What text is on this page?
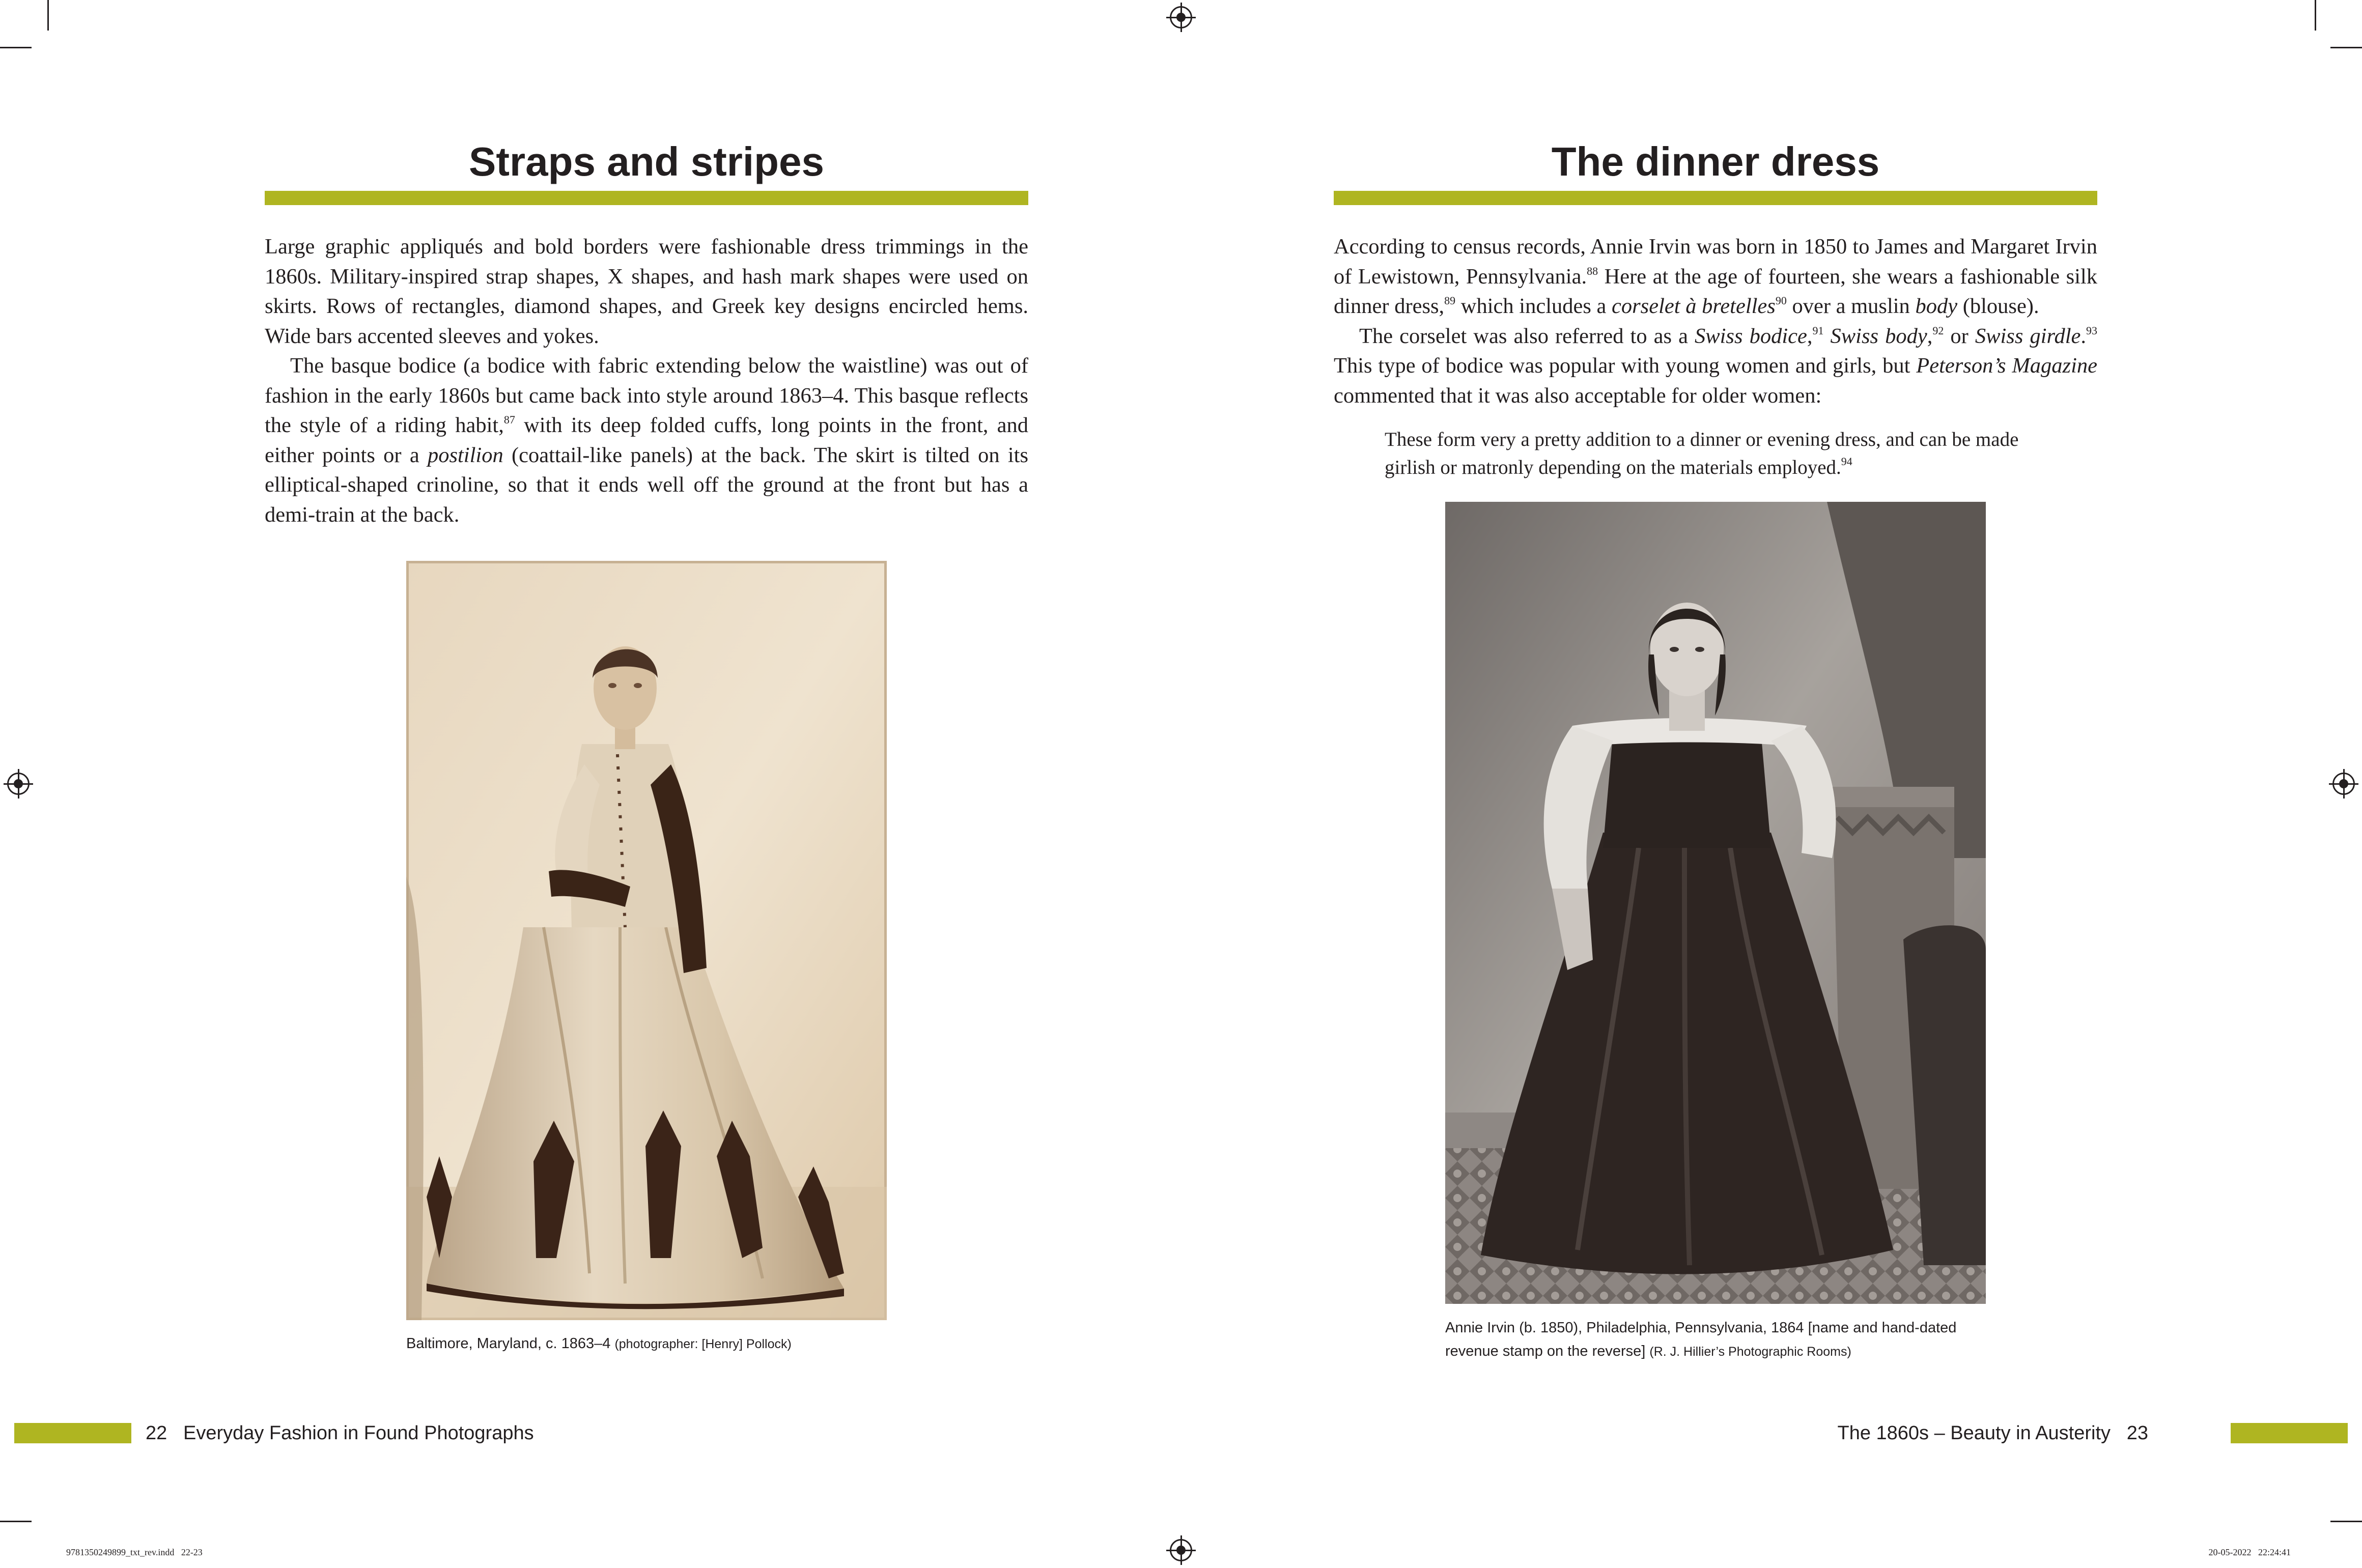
Straps and stripes

Large graphic appliqués and bold borders were fashionable dress trimmings in the 1860s. Military-inspired strap shapes, X shapes, and hash mark shapes were used on skirts. Rows of rectangles, diamond shapes, and Greek key designs encircled hems. Wide bars accented sleeves and yokes.

The basque bodice (a bodice with fabric extending below the waistline) was out of fashion in the early 1860s but came back into style around 1863–4. This basque reflects the style of a riding habit,$^{87}$ with its deep folded cuffs, long points in the front, and either points or a postilion (coattail-like panels) at the back. The skirt is tilted on its elliptical-shaped crinoline, so that it ends well off the ground at the front but has a demi-train at the back.

Baltimore, Maryland, c. 1863–4 (photographer: [Henry] Pollock)
The dinner dress

According to census records, Annie Irvin was born in 1850 to James and Margaret Irvin of Lewistown, Pennsylvania.$^{88}$ Here at the age of fourteen, she wears a fashionable silk dinner dress,$^{89}$ which includes a corselet à bretelles$^{90}$ over a muslin body (blouse).

The corselet was also referred to as a Swiss bodice,$^{91}$ Swiss body,$^{92}$ or Swiss girdle.$^{93}$ This type of bodice was popular with young women and girls, but Peterson’s Magazine commented that it was also acceptable for older women:

These form very a pretty addition to a dinner or evening dress, and can be made girlish or matronly depending on the materials employed.$^{94}$
Annie Irvin (b. 1850), Philadelphia, Pennsylvania, 1864 [name and hand-dated revenue stamp on the reverse] (R. J. Hillier’s Photographic Rooms)
22 Everyday Fashion in Found Photographs	The 1860s – Beauty in Austerity 23
9781350249899_txt_rev.indd   22-23	20-05-2022   22:24:41
